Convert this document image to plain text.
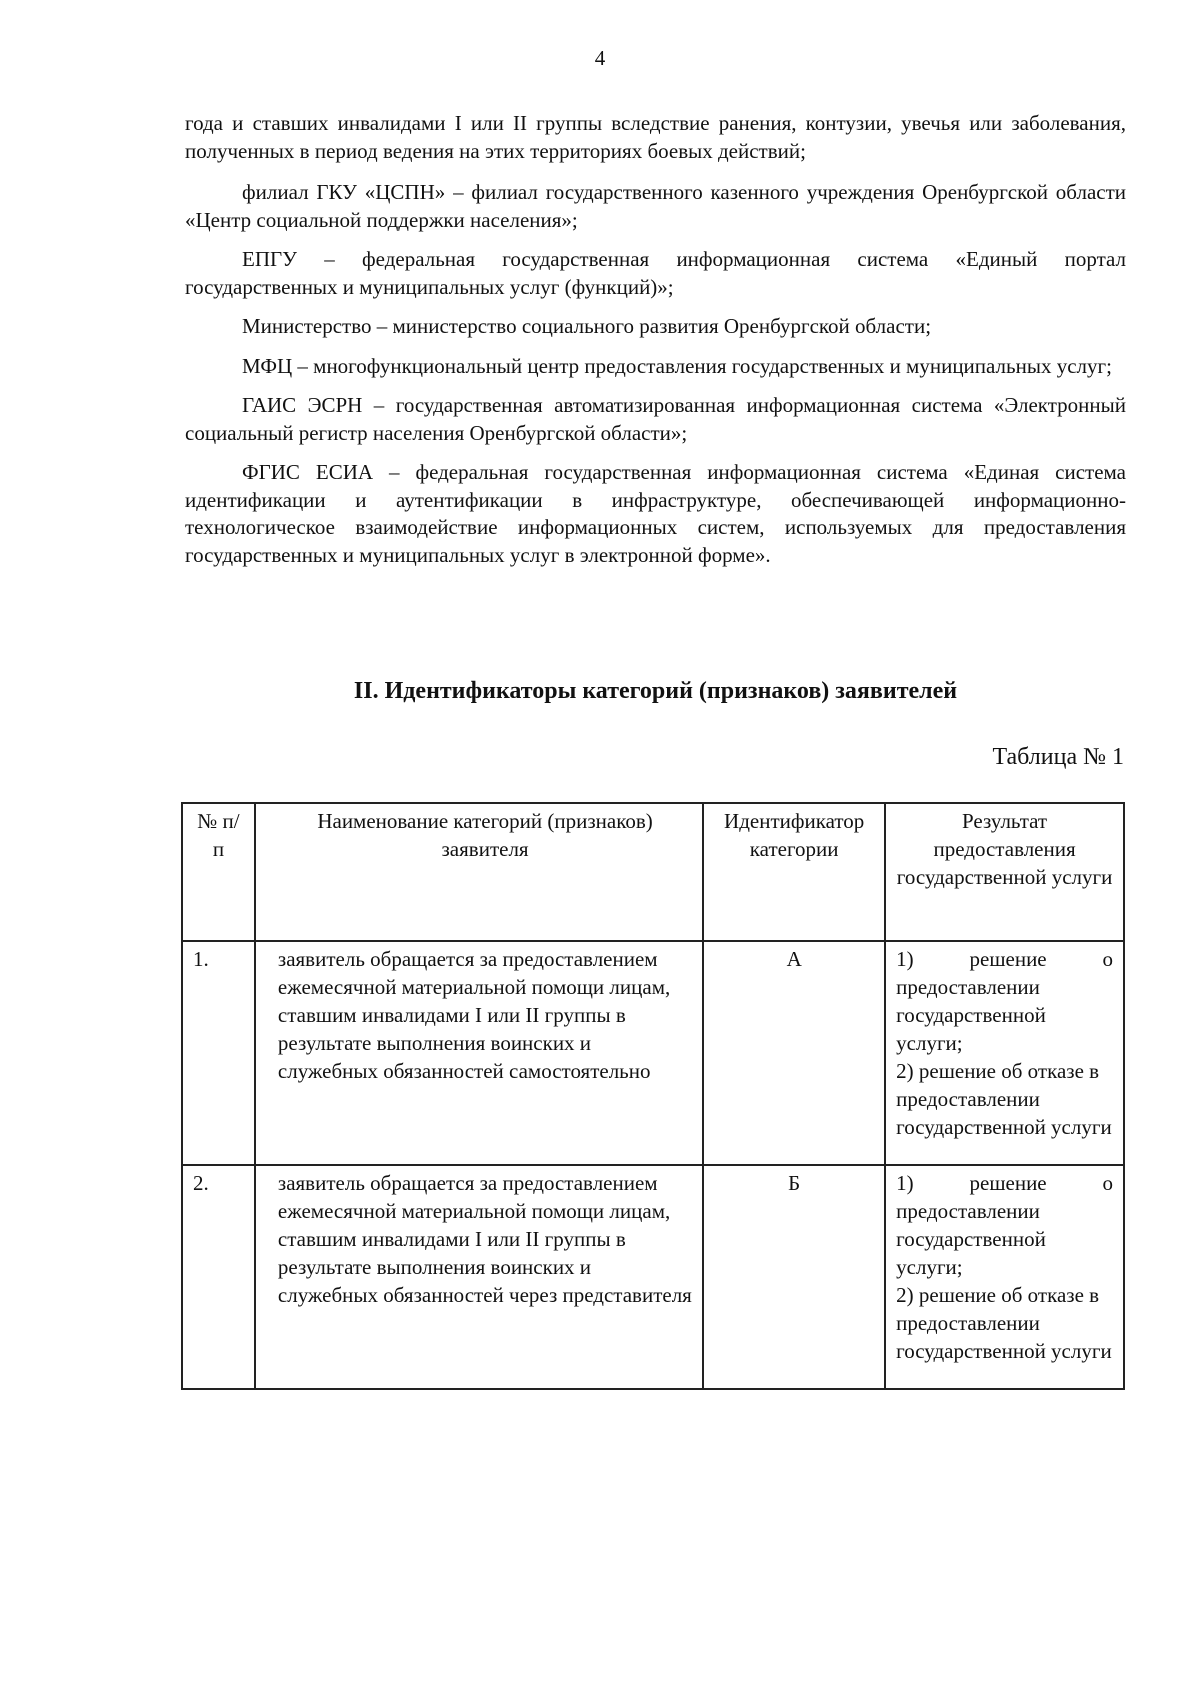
4

года и ставших инвалидами I или II группы вследствие ранения, контузии, увечья или заболевания, полученных в период ведения на этих территориях боевых действий;

филиал ГКУ «ЦСПН» – филиал государственного казенного учреждения Оренбургской области «Центр социальной поддержки населения»;

ЕПГУ – федеральная государственная информационная система «Единый портал государственных и муниципальных услуг (функций)»;

Министерство – министерство социального развития Оренбургской области;

МФЦ – многофункциональный центр предоставления государственных и муниципальных услуг;

ГАИС ЭСРН – государственная автоматизированная информационная система «Электронный социальный регистр населения Оренбургской области»;

ФГИС ЕСИА – федеральная государственная информационная система «Единая система идентификации и аутентификации в инфраструктуре, обеспечивающей информационно-технологическое взаимодействие информационных систем, используемых для предоставления государственных и муниципальных услуг в электронной форме».

II. Идентификаторы категорий (признаков) заявителей
Таблица № 1
№ п/п	Наименование категорий (признаков) заявителя	Идентификатор категории	Результат предоставления государственной услуги
1.	заявитель обращается за предоставлением ежемесячной материальной помощи лицам, ставшим инвалидами I или II группы в результате выполнения воинских и служебных обязанностей самостоятельно	А	1) решение о
предоставлении государственной услуги;
2) решение об отказе в предоставлении государственной услуги

2.	заявитель обращается за предоставлением ежемесячной материальной помощи лицам, ставшим инвалидами I или II группы в результате выполнения воинских и служебных обязанностей через представителя	Б	1) решение о
предоставлении государственной услуги;
2) решение об отказе в предоставлении государственной услуги
